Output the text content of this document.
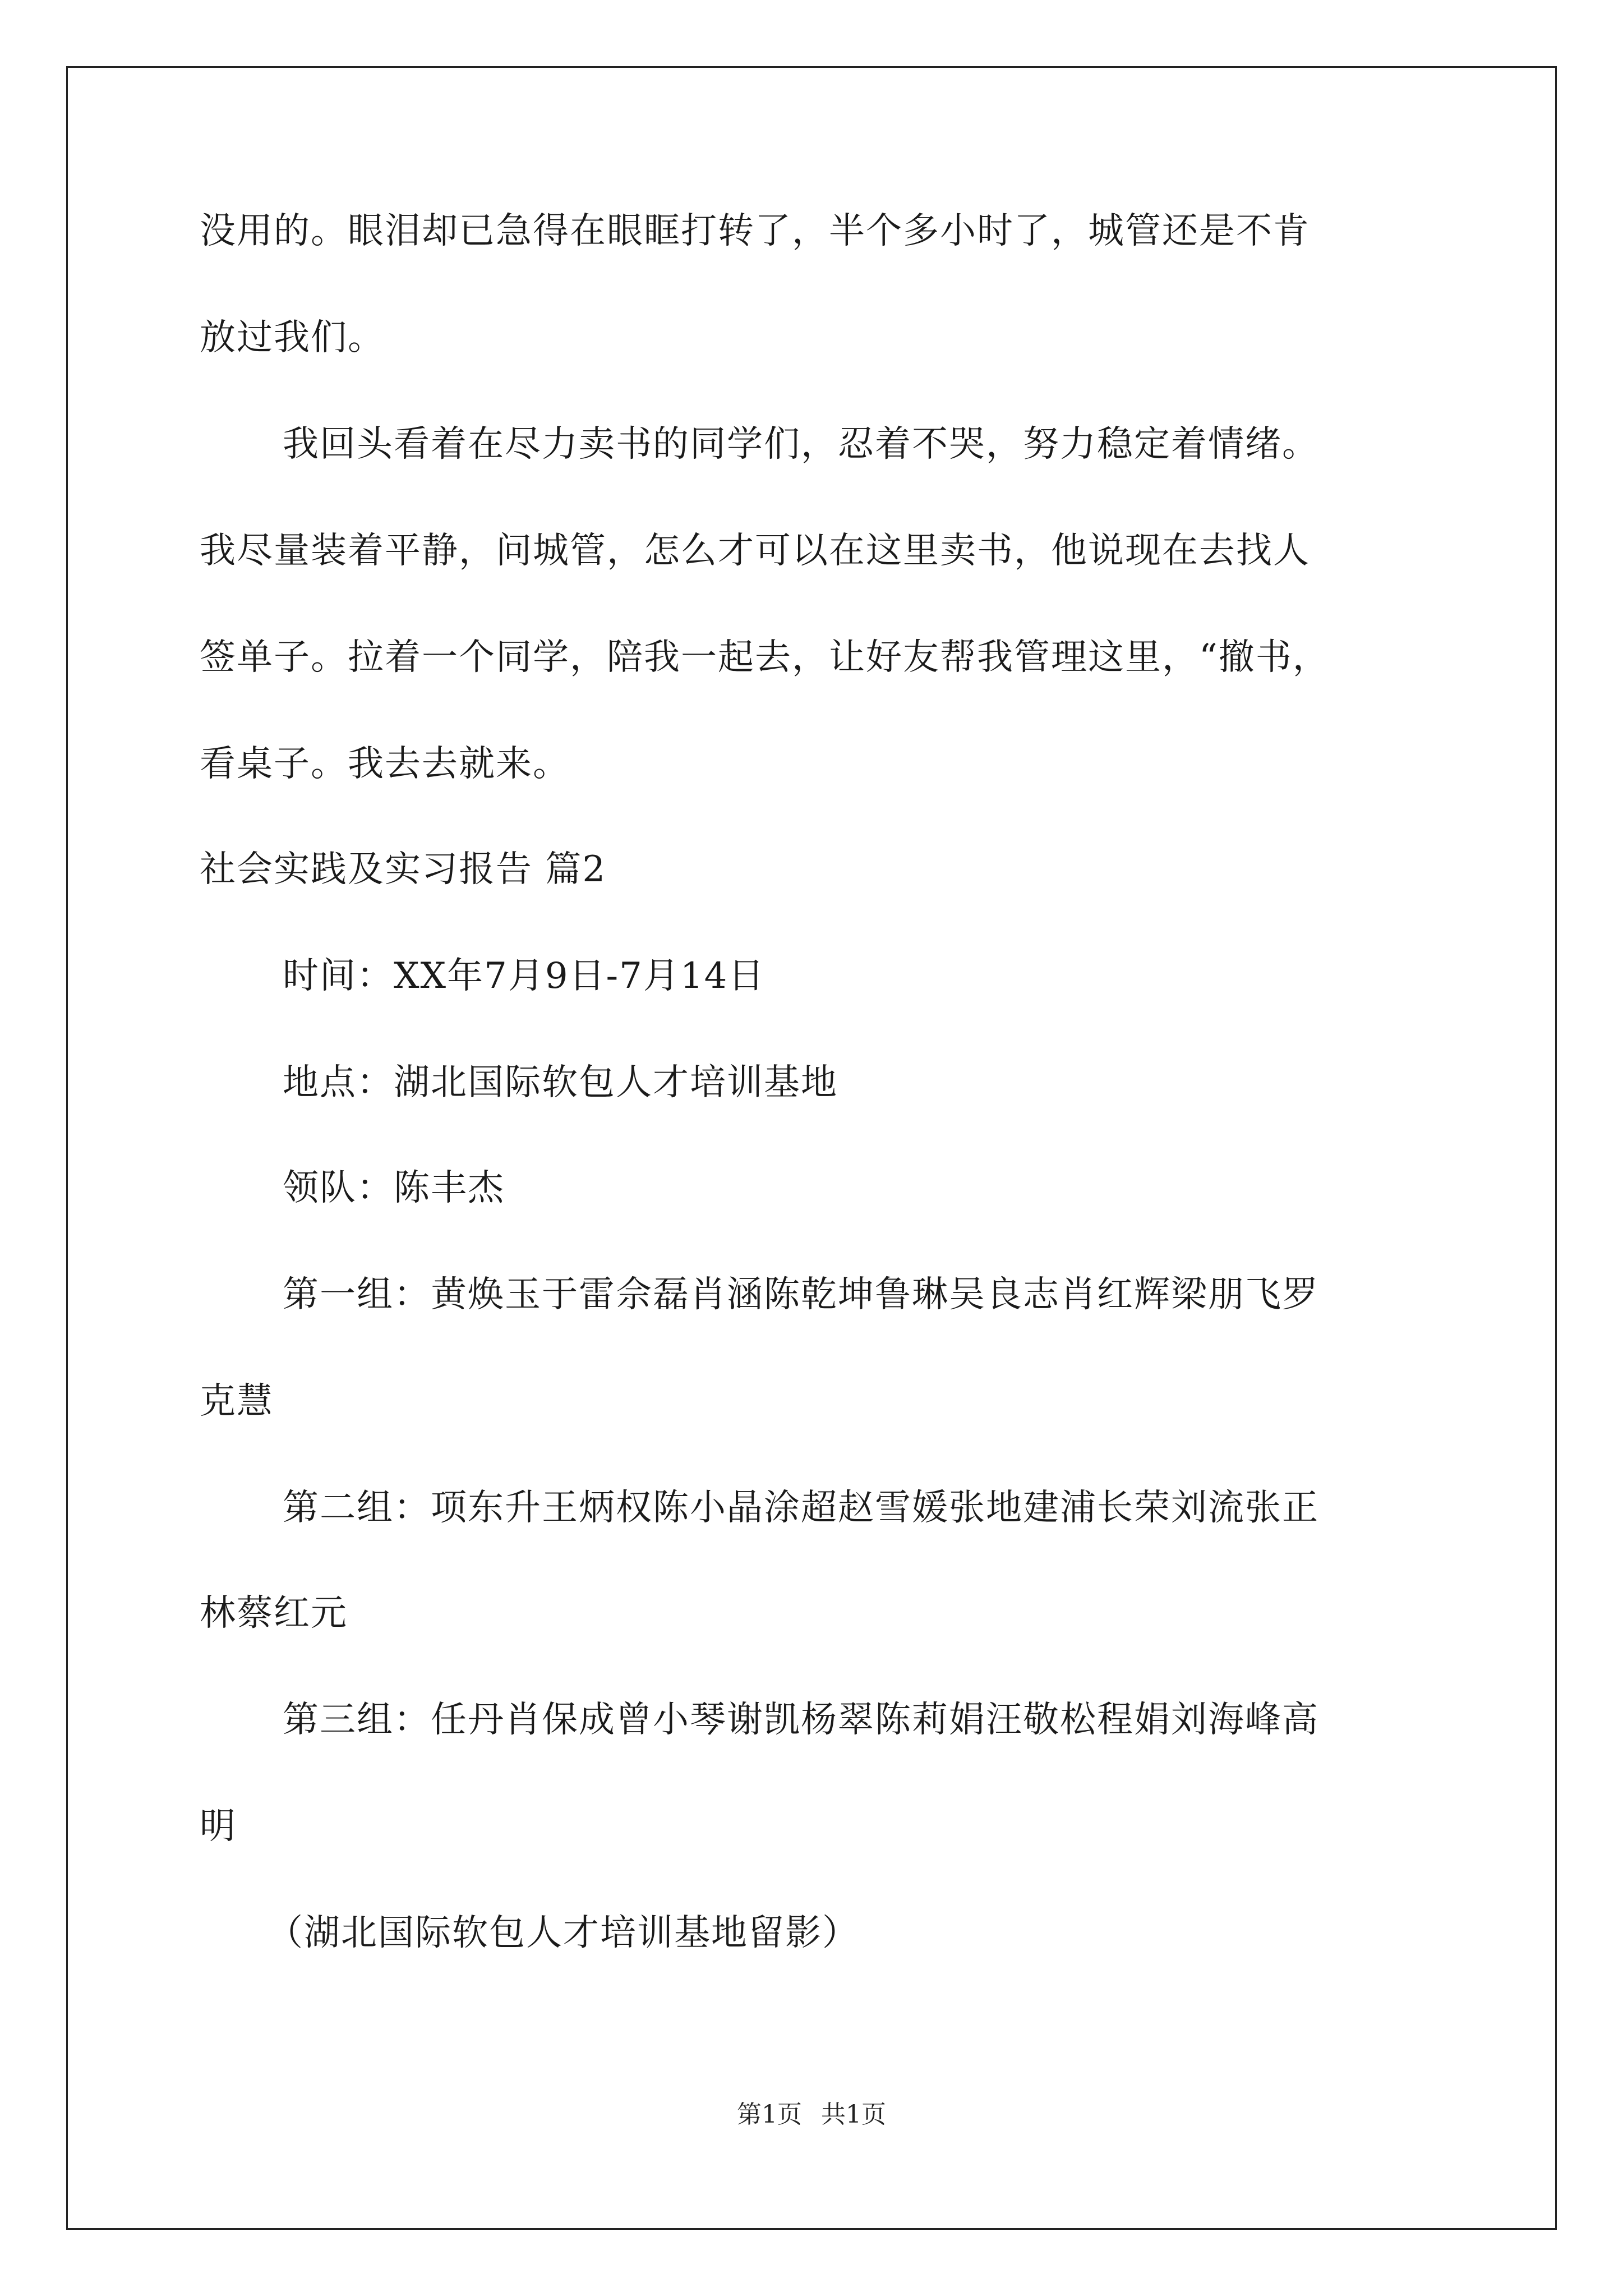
没用的。眼泪却已急得在眼眶打转了，半个多小时了，城管还是不肯
放过我们。
我回头看着在尽力卖书的同学们，忍着不哭，努力稳定着情绪。
我尽量装着平静，问城管，怎么才可以在这里卖书，他说现在去找人
签单子。拉着一个同学，陪我一起去，让好友帮我管理这里，“撤书，
看桌子。我去去就来。
社会实践及实习报告 篇2
时间：XX年7月9日-7月14日
地点：湖北国际软包人才培训基地
领队：陈丰杰
第一组：黄焕玉于雷佘磊肖涵陈乾坤鲁琳吴良志肖红辉梁朋飞罗
克慧
第二组：项东升王炳权陈小晶涂超赵雪媛张地建浦长荣刘流张正
林蔡红元
第三组：任丹肖保成曾小琴谢凯杨翠陈莉娟汪敬松程娟刘海峰高
明
（湖北国际软包人才培训基地留影）
第1页 共1页
